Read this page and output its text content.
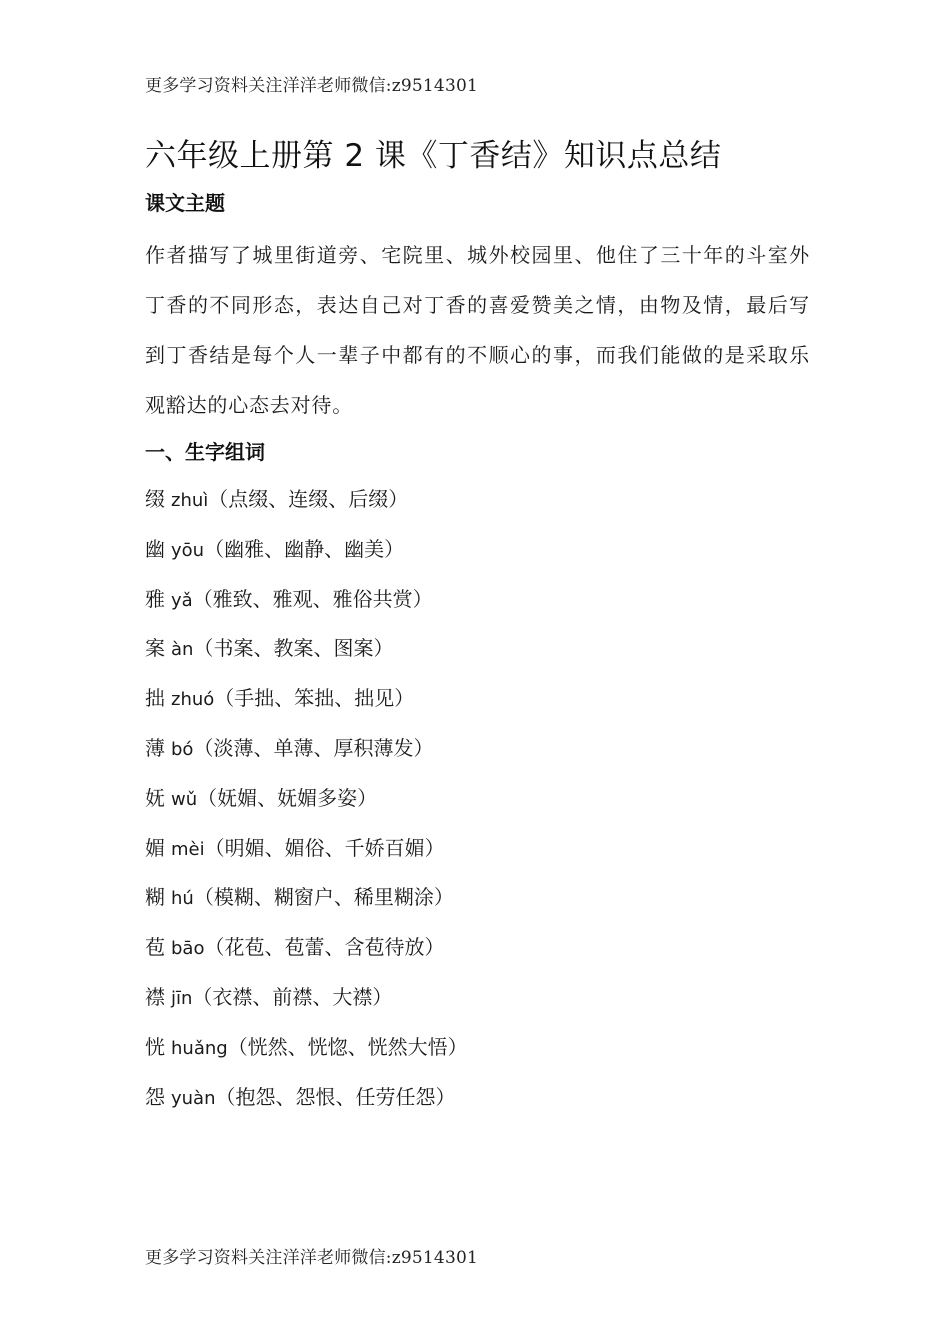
更多学习资料关注洋洋老师微信:z9514301
六年级上册第 2 课《丁香结》知识点总结
课文主题

作者描写了城里街道旁、宅院里、城外校园里、他住了三十年的斗室外丁香的不同形态，表达自己对丁香的喜爱赞美之情，由物及情，最后写到丁香结是每个人一辈子中都有的不顺心的事，而我们能做的是采取乐观豁达的心态去对待。

一、生字组词
缀 zhuì（点缀、连缀、后缀）
幽 yōu（幽雅、幽静、幽美）
雅 yǎ（雅致、雅观、雅俗共赏）
案 àn（书案、教案、图案）
拙 zhuó（手拙、笨拙、拙见）
薄 bó（淡薄、单薄、厚积薄发）
妩 wǔ（妩媚、妩媚多姿）
媚 mèi（明媚、媚俗、千娇百媚）
糊 hú（模糊、糊窗户、稀里糊涂）
苞 bāo（花苞、苞蕾、含苞待放）
襟 jīn（衣襟、前襟、大襟）
恍 huǎng（恍然、恍惚、恍然大悟）
怨 yuàn（抱怨、怨恨、任劳任怨）
更多学习资料关注洋洋老师微信:z9514301
